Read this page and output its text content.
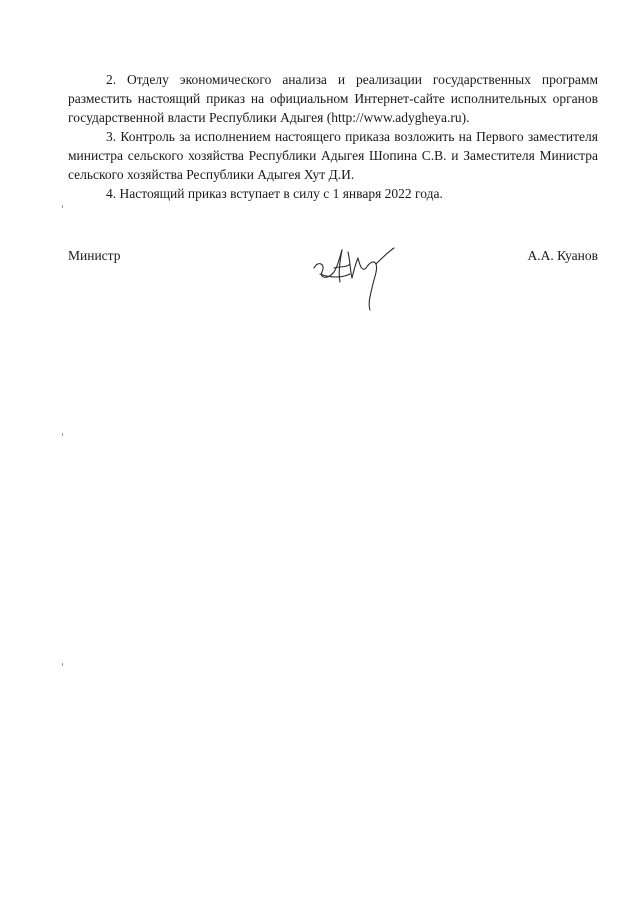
2. Отделу экономического анализа и реализации государственных программ разместить настоящий приказ на официальном Интернет-сайте исполнительных органов государственной власти Республики Адыгея (http://www.adygheya.ru).

3. Контроль за исполнением настоящего приказа возложить на Первого заместителя министра сельского хозяйства Республики Адыгея Шопина С.В. и Заместителя Министра сельского хозяйства Республики Адыгея Хут Д.И.

4. Настоящий приказ вступает в силу с 1 января 2022 года.

Министр	А.А. Куанов
